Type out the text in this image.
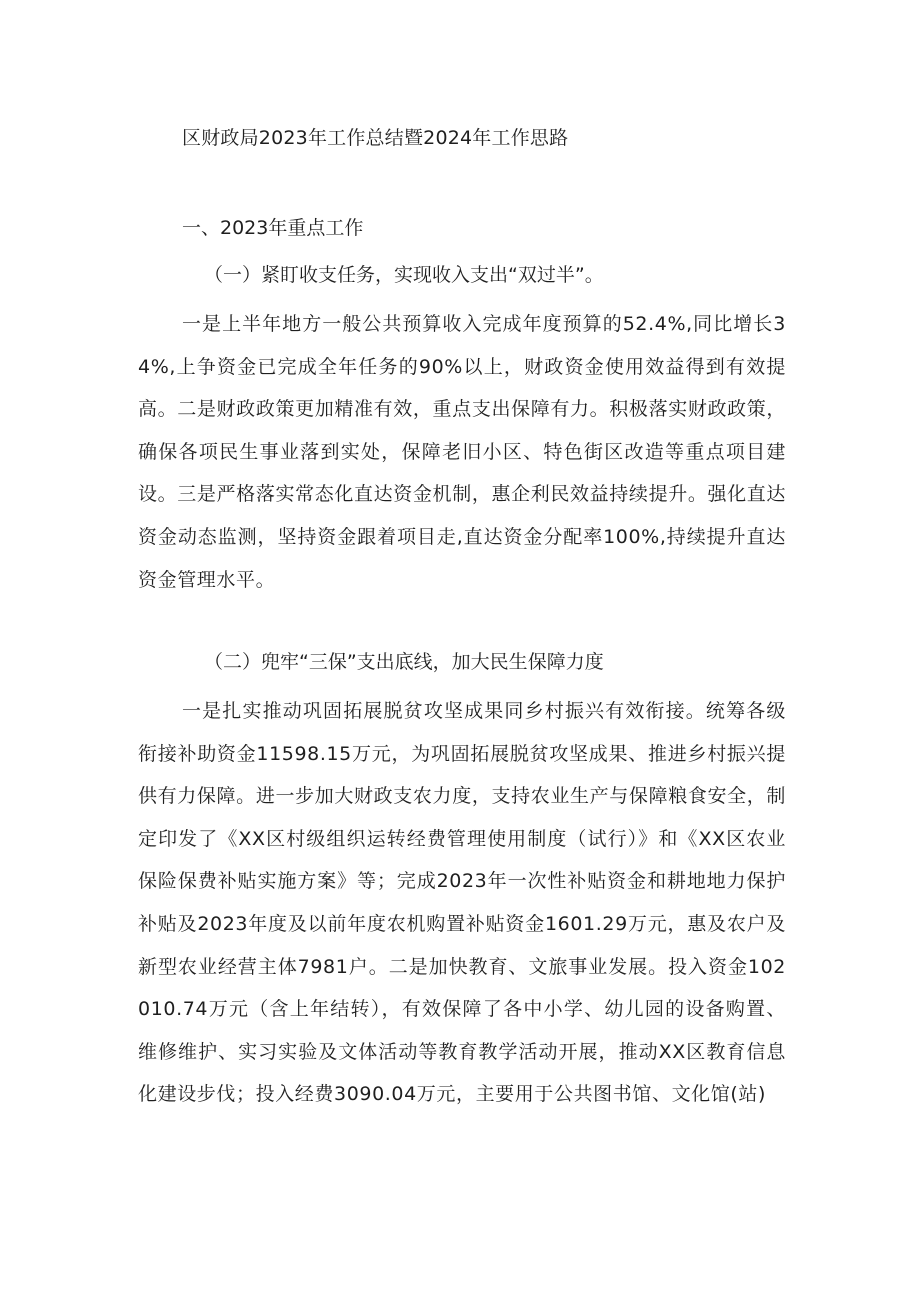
区财政局2023年工作总结暨2024年工作思路
一、2023年重点工作
（一）紧盯收支任务，实现收入支出“双过半”。

一是上半年地方一般公共预算收入完成年度预算的52.4%,同比增长34%,上争资金已完成全年任务的90%以上，财政资金使用效益得到有效提高。二是财政政策更加精准有效，重点支出保障有力。积极落实财政政策，确保各项民生事业落到实处，保障老旧小区、特色街区改造等重点项目建设。三是严格落实常态化直达资金机制，惠企利民效益持续提升。强化直达资金动态监测，坚持资金跟着项目走,直达资金分配率100%,持续提升直达资金管理水平。

（二）兜牢“三保”支出底线，加大民生保障力度

一是扎实推动巩固拓展脱贫攻坚成果同乡村振兴有效衔接。统筹各级衔接补助资金11598.15万元，为巩固拓展脱贫攻坚成果、推进乡村振兴提供有力保障。进一步加大财政支农力度，支持农业生产与保障粮食安全，制定印发了《XX区村级组织运转经费管理使用制度（试行）》和《XX区农业保险保费补贴实施方案》等；完成2023年一次性补贴资金和耕地地力保护补贴及2023年度及以前年度农机购置补贴资金1601.29万元，惠及农户及新型农业经营主体7981户。二是加快教育、文旅事业发展。投入资金102010.74万元（含上年结转），有效保障了各中小学、幼儿园的设备购置、维修维护、实习实验及文体活动等教育教学活动开展，推动XX区教育信息化建设步伐；投入经费3090.04万元，主要用于公共图书馆、文化馆(站)
